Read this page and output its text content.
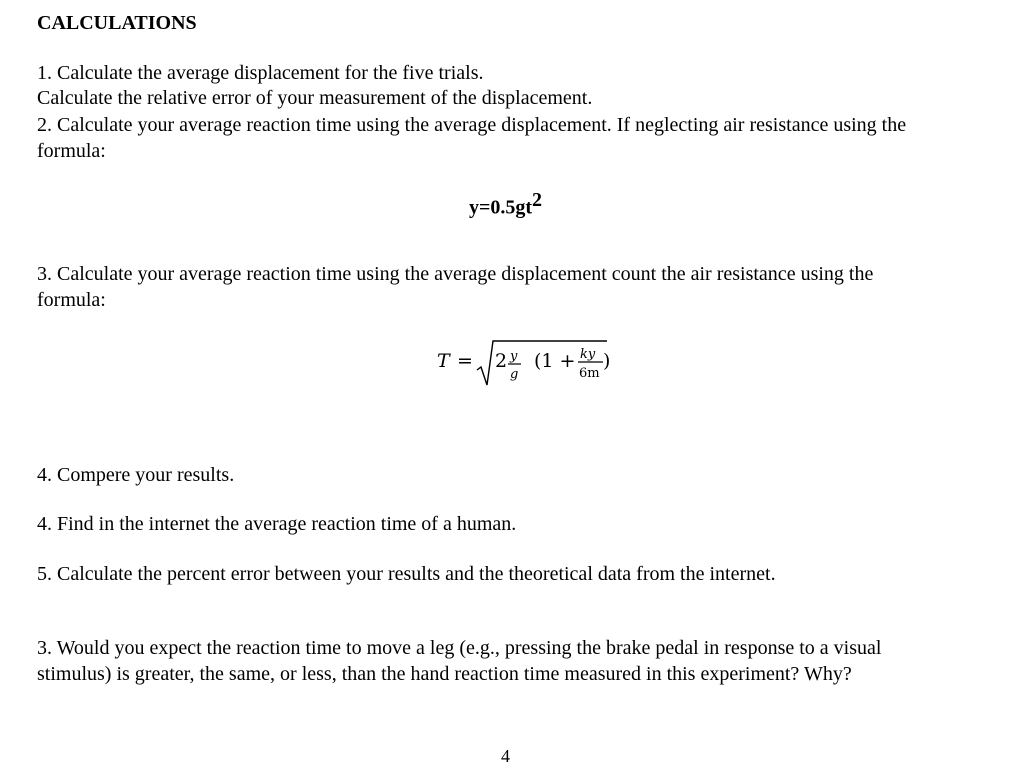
CALCULATIONS
1. Calculate the average displacement for the five trials.
Calculate the relative error of your measurement of the displacement.
2. Calculate your average reaction time using the average displacement. If neglecting air resistance using the
formula:
$y=0.5gt^2$
3. Calculate your average reaction time using the average displacement count the air resistance using the
formula:
T = 2 y
g
(1 + ky
6m
)
4. Compere your results.
4. Find in the internet the average reaction time of a human.
5. Calculate the percent error between your results and the theoretical data from the internet.
3. Would you expect the reaction time to move a leg (e.g., pressing the brake pedal in response to a visual
stimulus) is greater, the same, or less, than the hand reaction time measured in this experiment? Why?
4
